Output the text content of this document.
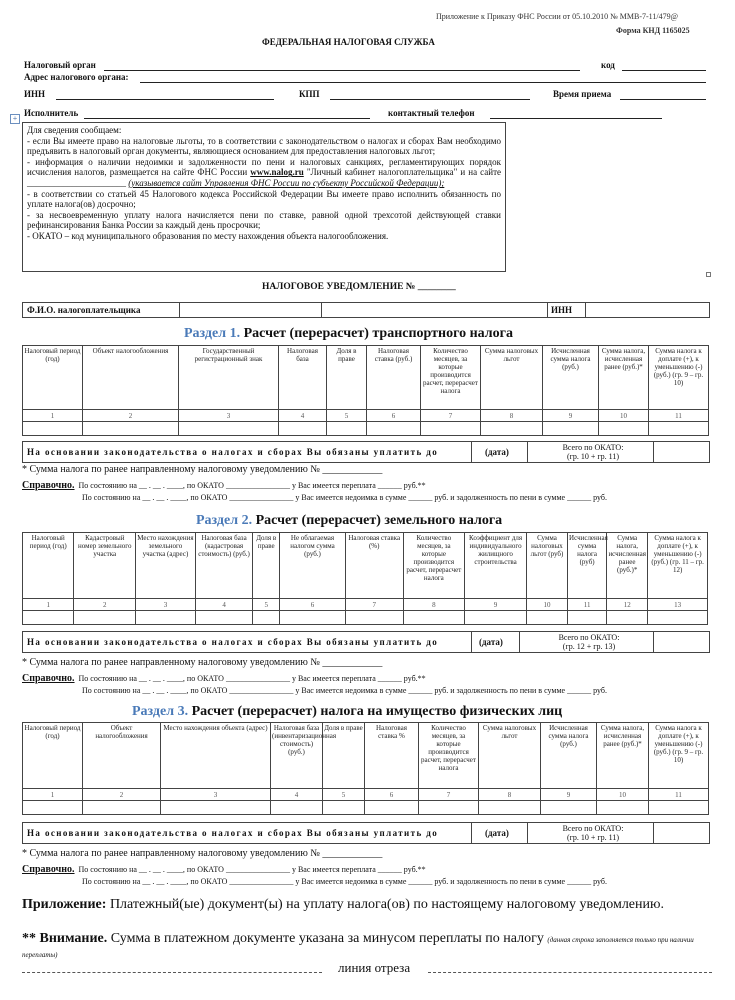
Приложение к Приказу ФНС России от 05.10.2010 № ММВ-7-11/479@
Форма КНД 1165025
ФЕДЕРАЛЬНАЯ НАЛОГОВАЯ СЛУЖБА
Налоговый орган	код
Адрес налогового органа:
ИНН	КПП	Время приема
Исполнитель	контактный телефон
+

Для сведения сообщаем:

- если Вы имеете право на налоговые льготы, то в соответствии с законодательством о налогах и сборах Вам необходимо предъявить в налоговый орган документы, являющиеся основанием для предоставления налоговых льгот;

- информация о наличии недоимки и задолженности по пени и налоговых санкциях, регламентирующих порядок исчисления налогов, размещается на сайте ФНС России www.nalog.ru "Личный кабинет налогоплательщика" и на сайте ______________________ (указывается сайт Управления ФНС России по субъекту Российской Федерации);

- в соответствии со статьей 45 Налогового кодекса Российской Федерации Вы имеете право исполнить обязанность по уплате налога(ов) досрочно;

- за несвоевременную уплату налога начисляется пени по ставке, равной одной трехсотой действующей ставки рефинансирования Банка России за каждый день просрочки;

- ОКАТО – код муниципального образования по месту нахождения объекта налогообложения.

НАЛОГОВОЕ УВЕДОМЛЕНИЕ № ________
Ф.И.О. налогоплательщика	ИНН
Раздел 1. Расчет (перерасчет) транспортного налога
Налоговый период (год)	Объект налогообложения	Государственный регистрационный знак	Налоговая база	Доля в праве	Налоговая ставка (руб.)	Количество месяцев, за которые производится расчет, перерасчет налога	Сумма налоговых льгот	Исчисленная сумма налога (руб.)	Сумма налога, исчисленная ранее (руб.)*	Сумма налога к доплате (+), к уменьшению (-) (руб.) (гр. 9 – гр. 10)
1	2	3	4	5	6	7	8	9	10	11

На основании законодательства о налогах и сборах Вы обязаны уплатить до	(дата)	Всего по ОКАТО:
(гр. 10 + гр. 11)
* Сумма налога по ранее направленному налоговому уведомлению № ____________
Справочно. По состоянию на __ . __ . ____, по ОКАТО ________________ у Вас имеется переплата ______ руб.**
По состоянию на __ . __ . ____, по ОКАТО ________________ у Вас имеется недоимка в сумме ______ руб. и задолженность по пени в сумме ______ руб.
Раздел 2. Расчет (перерасчет) земельного налога
Налоговый период (год)	Кадастровый номер земельного участка	Место нахождения земельного участка (адрес)	Налоговая база (кадастровая стоимость) (руб.)	Доля в праве	Не облагаемая налогом сумма (руб.)	Налоговая ставка (%)	Количество месяцев, за которые производится расчет, перерасчет налога	Коэффициент для индивидуального жилищного строительства	Сумма налоговых льгот (руб)	Исчисленная сумма налога (руб)	Сумма налога, исчисленная ранее (руб.)*	Сумма налога к доплате (+), к уменьшению (-) (руб.) (гр. 11 – гр. 12)
1	2	3	4	5	6	7	8	9	10	11	12	13

На основании законодательства о налогах и сборах Вы обязаны уплатить до	(дата)	Всего по ОКАТО:
(гр. 12 + гр. 13)
* Сумма налога по ранее направленному налоговому уведомлению № ____________
Справочно. По состоянию на __ . __ . ____, по ОКАТО ________________ у Вас имеется переплата ______ руб.**
По состоянию на __ . __ . ____, по ОКАТО ________________ у Вас имеется недоимка в сумме ______ руб. и задолженность по пени в сумме ______ руб.
Раздел 3. Расчет (перерасчет) налога на имущество физических лиц
Налоговый период (год)	Объект налогообложения	Место нахождения объекта (адрес)	Налоговая база (инвентаризационная стоимость) (руб.)	Доля в праве	Налоговая ставка %	Количество месяцев, за которые производится расчет, перерасчет налога	Сумма налоговых льгот	Исчисленная сумма налога (руб.)	Сумма налога, исчисленная ранее (руб.)*	Сумма налога к доплате (+), к уменьшению (-) (руб.) (гр. 9 – гр. 10)
1	2	3	4	5	6	7	8	9	10	11

На основании законодательства о налогах и сборах Вы обязаны уплатить до	(дата)	Всего по ОКАТО:
(гр. 10 + гр. 11)
* Сумма налога по ранее направленному налоговому уведомлению № ____________
Справочно. По состоянию на __ . __ . ____, по ОКАТО ________________ у Вас имеется переплата ______ руб.**
По состоянию на __ . __ . ____, по ОКАТО ________________ у Вас имеется недоимка в сумме ______ руб. и задолженность по пени в сумме ______ руб.
Приложение: Платежный(ые) документ(ы) на уплату налога(ов) по настоящему налоговому уведомлению.
** Внимание. Сумма в платежном документе указана за минусом переплаты по налогу (данная строка заполняется только при наличии переплаты)
линия отреза
